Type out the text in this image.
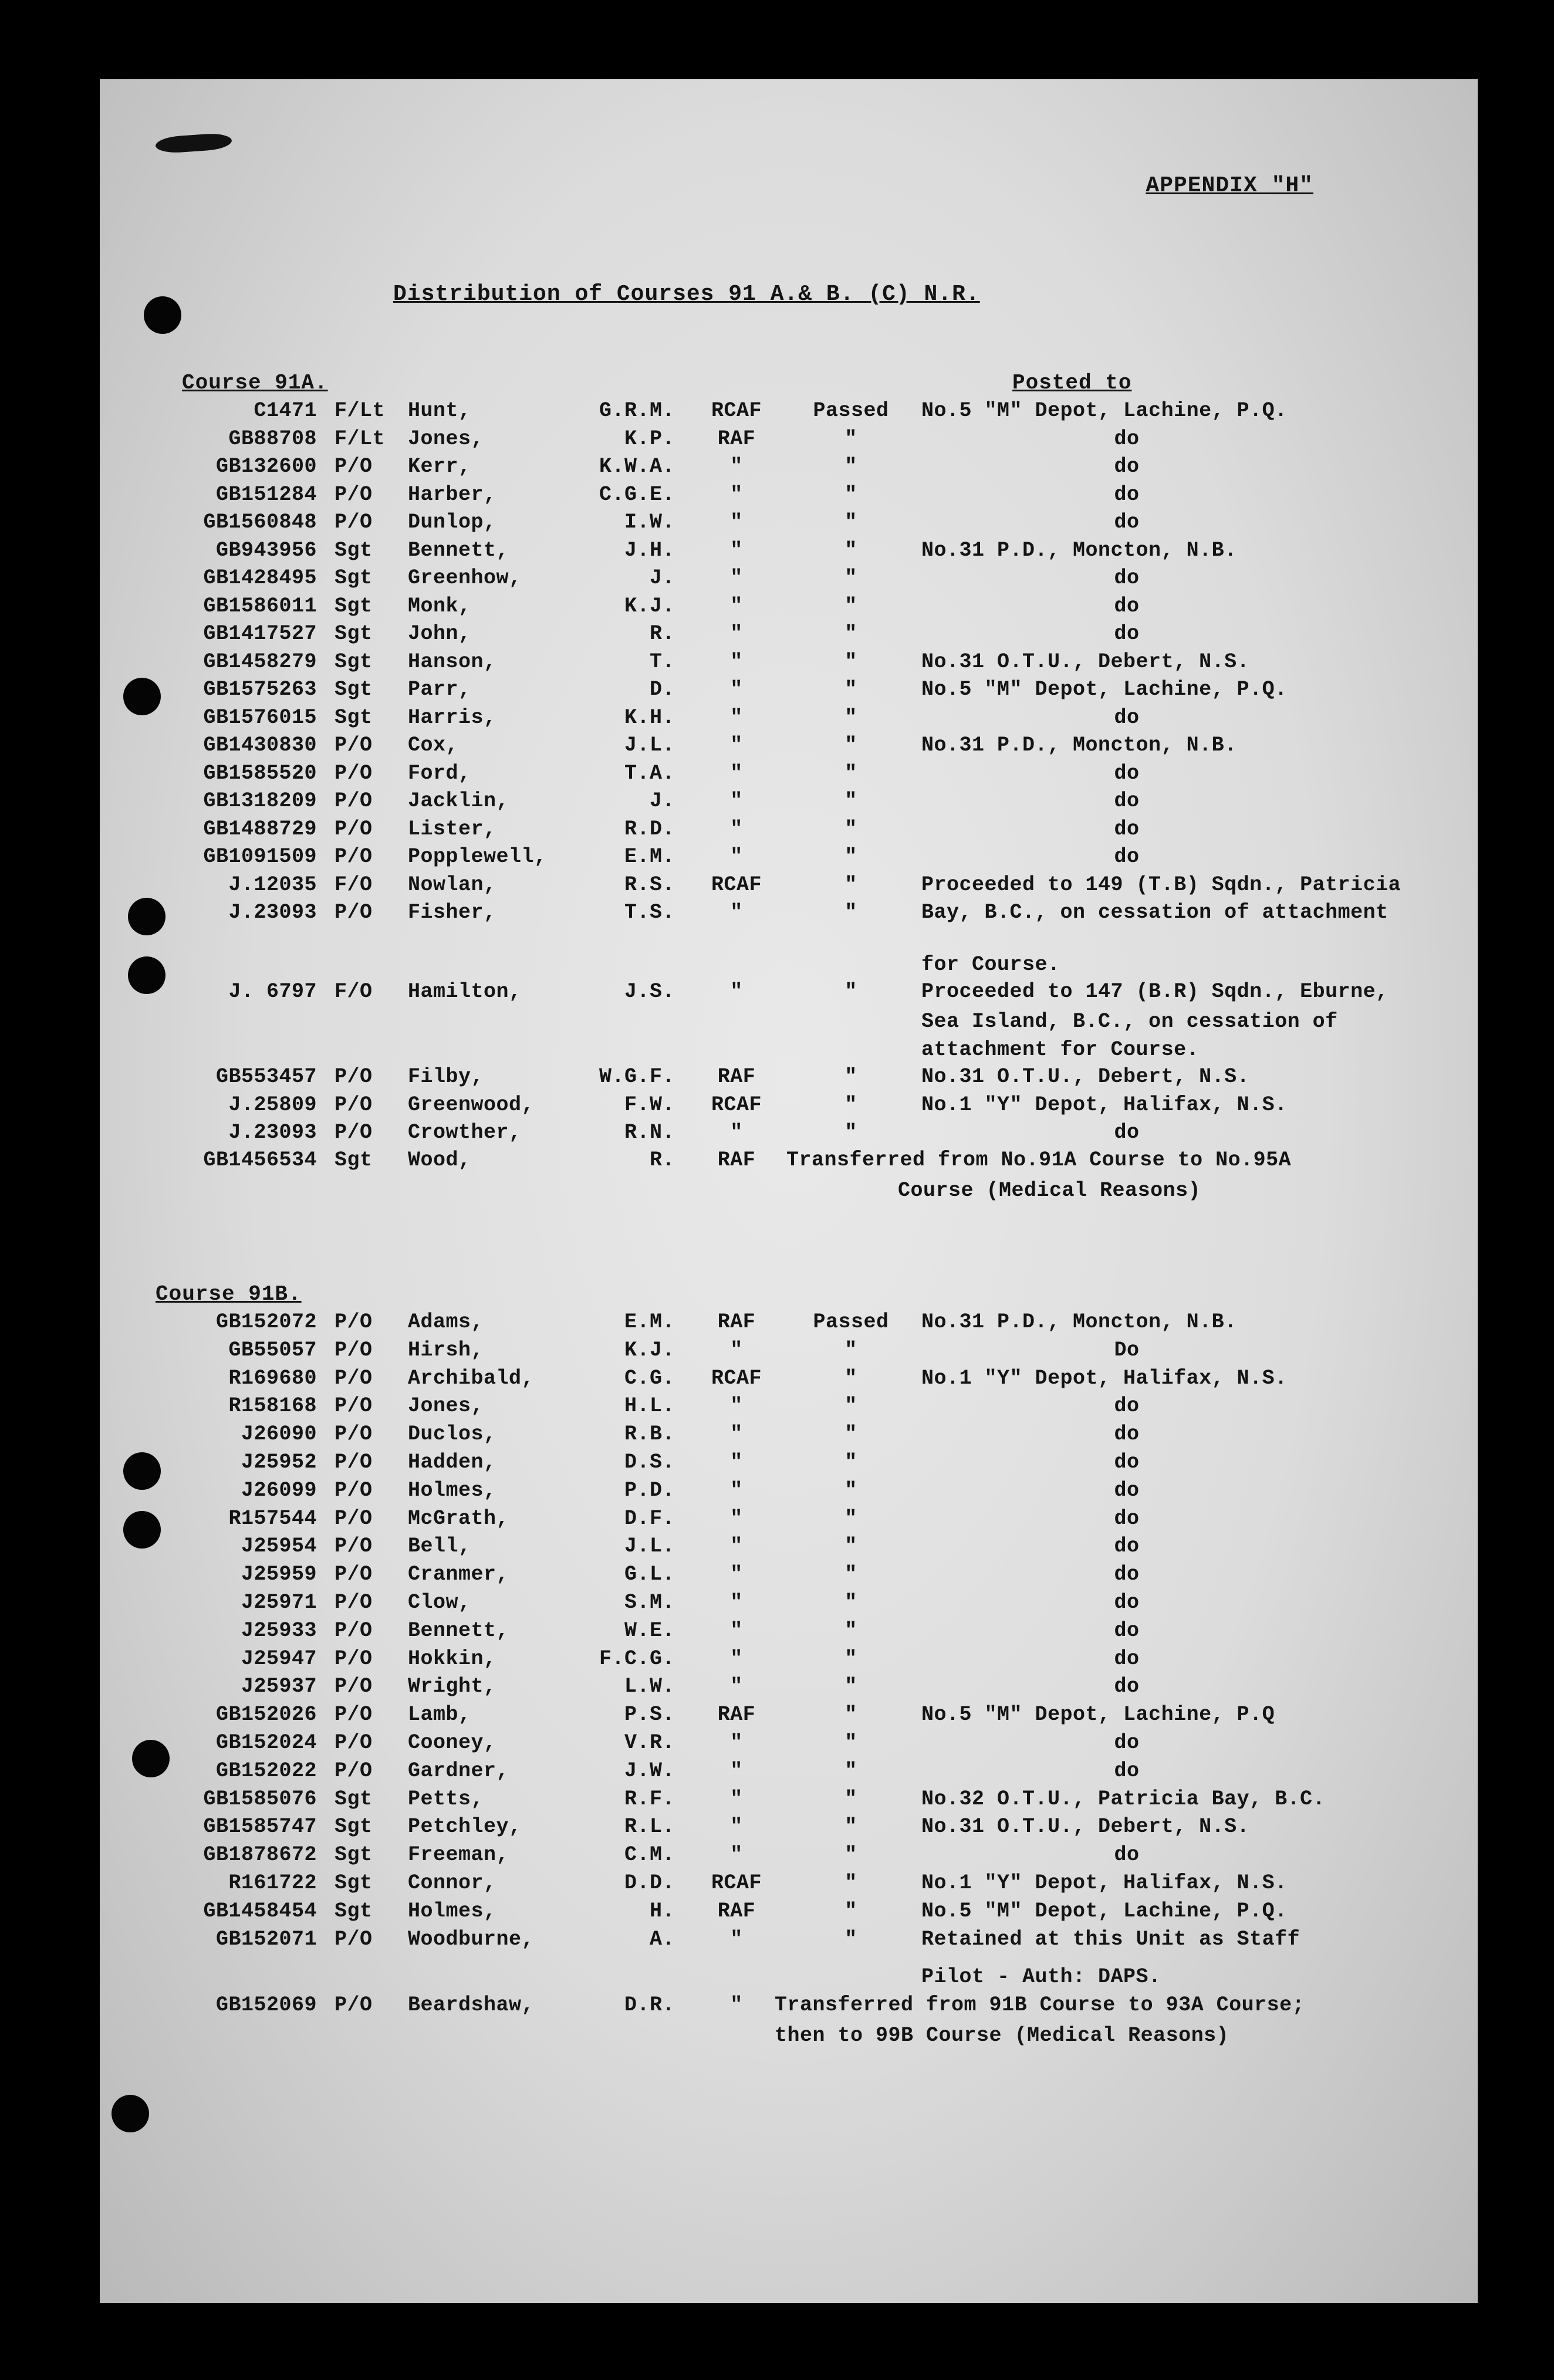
APPENDIX "H"
Distribution of Courses 91 A.& B. (C) N.R.
Course 91A.	Posted to
C1471 F/Lt	Hunt,	G.R.M.	RCAF	Passed	No.5 "M" Depot, Lachine, P.Q.
GB88708 F/Lt	Jones,	K.P.	RAF	"	do
GB132600 P/O	Kerr,	K.W.A.	"	"	do
GB151284 P/O	Harber,	C.G.E.	"	"	do
GB1560848 P/O	Dunlop,	I.W.	"	"	do
GB943956 Sgt	Bennett,	J.H.	"	"	No.31 P.D., Moncton, N.B.
GB1428495 Sgt	Greenhow,	J.	"	"	do
GB1586011 Sgt	Monk,	K.J.	"	"	do
GB1417527 Sgt	John,	R.	"	"	do
GB1458279 Sgt	Hanson,	T.	"	"	No.31 O.T.U., Debert, N.S.
GB1575263 Sgt	Parr,	D.	"	"	No.5 "M" Depot, Lachine, P.Q.
GB1576015 Sgt	Harris,	K.H.	"	"	do
GB1430830 P/O	Cox,	J.L.	"	"	No.31 P.D., Moncton, N.B.
GB1585520 P/O	Ford,	T.A.	"	"	do
GB1318209 P/O	Jacklin,	J.	"	"	do
GB1488729 P/O	Lister,	R.D.	"	"	do
GB1091509 P/O	Popplewell,	E.M.	"	"	do
J.12035 F/O	Nowlan,	R.S.	RCAF	"	Proceeded to 149 (T.B) Sqdn., Patricia
J.23093 P/O	Fisher,	T.S.	"	"	Bay, B.C., on cessation of attachment
for Course.
J. 6797 F/O	Hamilton,	J.S.	"	"	Proceeded to 147 (B.R) Sqdn., Eburne,
Sea Island, B.C., on cessation of
attachment for Course.
GB553457 P/O	Filby,	W.G.F.	RAF	"	No.31 O.T.U., Debert, N.S.
J.25809 P/O	Greenwood,	F.W.	RCAF	"	No.1 "Y" Depot, Halifax, N.S.
J.23093 P/O	Crowther,	R.N.	"	"	do
GB1456534 Sgt	Wood,	R.	RAF	Transferred from No.91A Course to No.95A
Course (Medical Reasons)
Course 91B.
GB152072 P/O	Adams,	E.M.	RAF	Passed	No.31 P.D., Moncton, N.B.
GB55057 P/O	Hirsh,	K.J.	"	"	Do
R169680 P/O	Archibald,	C.G.	RCAF	"	No.1 "Y" Depot, Halifax, N.S.
R158168 P/O	Jones,	H.L.	"	"	do
J26090 P/O	Duclos,	R.B.	"	"	do
J25952 P/O	Hadden,	D.S.	"	"	do
J26099 P/O	Holmes,	P.D.	"	"	do
R157544 P/O	McGrath,	D.F.	"	"	do
J25954 P/O	Bell,	J.L.	"	"	do
J25959 P/O	Cranmer,	G.L.	"	"	do
J25971 P/O	Clow,	S.M.	"	"	do
J25933 P/O	Bennett,	W.E.	"	"	do
J25947 P/O	Hokkin,	F.C.G.	"	"	do
J25937 P/O	Wright,	L.W.	"	"	do
GB152026 P/O	Lamb,	P.S.	RAF	"	No.5 "M" Depot, Lachine, P.Q
GB152024 P/O	Cooney,	V.R.	"	"	do
GB152022 P/O	Gardner,	J.W.	"	"	do
GB1585076 Sgt	Petts,	R.F.	"	"	No.32 O.T.U., Patricia Bay, B.C.
GB1585747 Sgt	Petchley,	R.L.	"	"	No.31 O.T.U., Debert, N.S.
GB1878672 Sgt	Freeman,	C.M.	"	"	do
R161722 Sgt	Connor,	D.D.	RCAF	"	No.1 "Y" Depot, Halifax, N.S.
GB1458454 Sgt	Holmes,	H.	RAF	"	No.5 "M" Depot, Lachine, P.Q.
GB152071 P/O	Woodburne,	A.	"	"	Retained at this Unit as Staff
Pilot - Auth: DAPS.
GB152069 P/O	Beardshaw,	D.R.	"	Transferred from 91B Course to 93A Course;
then to 99B Course (Medical Reasons)
